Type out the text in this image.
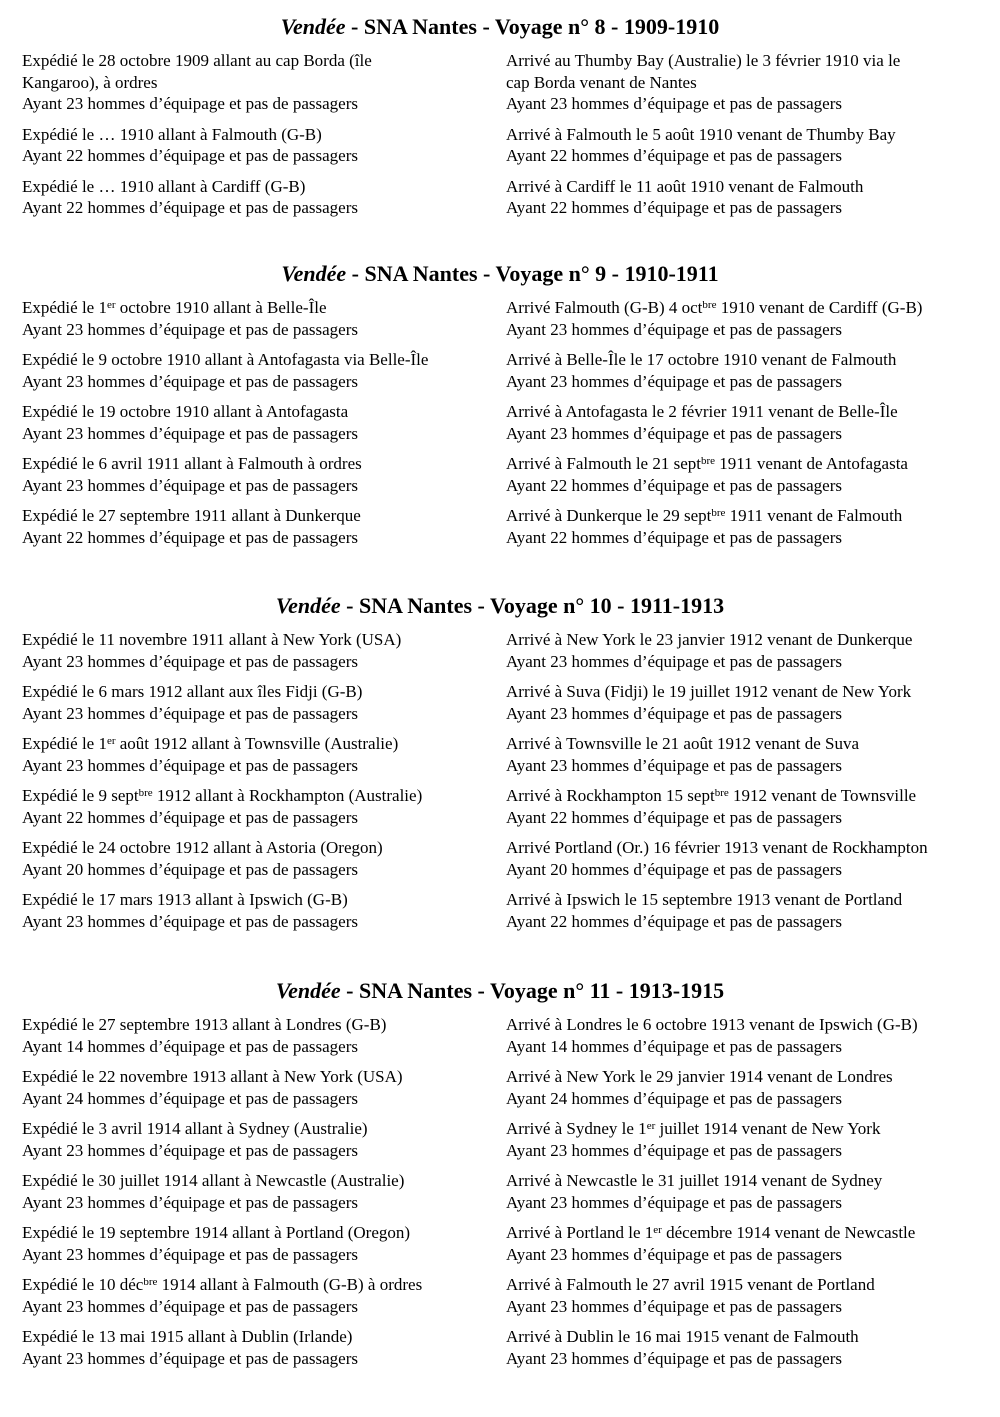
Vendée - SNA Nantes - Voyage n° 8 - 1909-1910
Expédié le 28 octobre 1909 allant au cap Borda (île
Kangaroo), à ordres
Ayant 23 hommes d’équipage et pas de passagers
Arrivé au Thumby Bay (Australie) le 3 février 1910 via le
cap Borda venant de Nantes
Ayant 23 hommes d’équipage et pas de passagers
Expédié le … 1910 allant à Falmouth (G-B)
Ayant 22 hommes d’équipage et pas de passagers
Arrivé à Falmouth le 5 août 1910 venant de Thumby Bay
Ayant 22 hommes d’équipage et pas de passagers
Expédié le … 1910 allant à Cardiff (G-B)
Ayant 22 hommes d’équipage et pas de passagers
Arrivé à Cardiff le 11 août 1910 venant de Falmouth
Ayant 22 hommes d’équipage et pas de passagers
Vendée - SNA Nantes - Voyage n° 9 - 1910-1911
Expédié le 1er octobre 1910 allant à Belle-Île
Ayant 23 hommes d’équipage et pas de passagers
Arrivé Falmouth (G-B) 4 oct$^{bre}$ 1910 venant de Cardiff (G-B)
Ayant 23 hommes d’équipage et pas de passagers
Expédié le 9 octobre 1910 allant à Antofagasta via Belle-Île
Ayant 23 hommes d’équipage et pas de passagers
Arrivé à Belle-Île le 17 octobre 1910 venant de Falmouth
Ayant 23 hommes d’équipage et pas de passagers
Expédié le 19 octobre 1910 allant à Antofagasta
Ayant 23 hommes d’équipage et pas de passagers
Arrivé à Antofagasta le 2 février 1911 venant de Belle-Île
Ayant 23 hommes d’équipage et pas de passagers
Expédié le 6 avril 1911 allant à Falmouth à ordres
Ayant 23 hommes d’équipage et pas de passagers
Arrivé à Falmouth le 21 sept$^{bre}$ 1911 venant de Antofagasta
Ayant 22 hommes d’équipage et pas de passagers
Expédié le 27 septembre 1911 allant à Dunkerque
Ayant 22 hommes d’équipage et pas de passagers
Arrivé à Dunkerque le 29 sept$^{bre}$ 1911 venant de Falmouth
Ayant 22 hommes d’équipage et pas de passagers
Vendée - SNA Nantes - Voyage n° 10 - 1911-1913
Expédié le 11 novembre 1911 allant à New York (USA)
Ayant 23 hommes d’équipage et pas de passagers
Arrivé à New York le 23 janvier 1912 venant de Dunkerque
Ayant 23 hommes d’équipage et pas de passagers
Expédié le 6 mars 1912 allant aux îles Fidji (G-B)
Ayant 23 hommes d’équipage et pas de passagers
Arrivé à Suva (Fidji) le 19 juillet 1912 venant de New York
Ayant 23 hommes d’équipage et pas de passagers
Expédié le 1er août 1912 allant à Townsville (Australie)
Ayant 23 hommes d’équipage et pas de passagers
Arrivé à Townsville le 21 août 1912 venant de Suva
Ayant 23 hommes d’équipage et pas de passagers
Expédié le 9 sept$^{bre}$ 1912 allant à Rockhampton (Australie)
Ayant 22 hommes d’équipage et pas de passagers
Arrivé à Rockhampton 15 sept$^{bre}$ 1912 venant de Townsville
Ayant 22 hommes d’équipage et pas de passagers
Expédié le 24 octobre 1912 allant à Astoria (Oregon)
Ayant 20 hommes d’équipage et pas de passagers
Arrivé Portland (Or.) 16 février 1913 venant de Rockhampton
Ayant 20 hommes d’équipage et pas de passagers
Expédié le 17 mars 1913 allant à Ipswich (G-B)
Ayant 23 hommes d’équipage et pas de passagers
Arrivé à Ipswich le 15 septembre 1913 venant de Portland
Ayant 22 hommes d’équipage et pas de passagers
Vendée - SNA Nantes - Voyage n° 11 - 1913-1915
Expédié le 27 septembre 1913 allant à Londres (G-B)
Ayant 14 hommes d’équipage et pas de passagers
Arrivé à Londres le 6 octobre 1913 venant de Ipswich (G-B)
Ayant 14 hommes d’équipage et pas de passagers
Expédié le 22 novembre 1913 allant à New York (USA)
Ayant 24 hommes d’équipage et pas de passagers
Arrivé à New York le 29 janvier 1914 venant de Londres
Ayant 24 hommes d’équipage et pas de passagers
Expédié le 3 avril 1914 allant à Sydney (Australie)
Ayant 23 hommes d’équipage et pas de passagers
Arrivé à Sydney le 1er juillet 1914 venant de New York
Ayant 23 hommes d’équipage et pas de passagers
Expédié le 30 juillet 1914 allant à Newcastle (Australie)
Ayant 23 hommes d’équipage et pas de passagers
Arrivé à Newcastle le 31 juillet 1914 venant de Sydney
Ayant 23 hommes d’équipage et pas de passagers
Expédié le 19 septembre 1914 allant à Portland (Oregon)
Ayant 23 hommes d’équipage et pas de passagers
Arrivé à Portland le 1er décembre 1914 venant de Newcastle
Ayant 23 hommes d’équipage et pas de passagers
Expédié le 10 déc$^{bre}$ 1914 allant à Falmouth (G-B) à ordres
Ayant 23 hommes d’équipage et pas de passagers
Arrivé à Falmouth le 27 avril 1915 venant de Portland
Ayant 23 hommes d’équipage et pas de passagers
Expédié le 13 mai 1915 allant à Dublin (Irlande)
Ayant 23 hommes d’équipage et pas de passagers
Arrivé à Dublin le 16 mai 1915 venant de Falmouth
Ayant 23 hommes d’équipage et pas de passagers
